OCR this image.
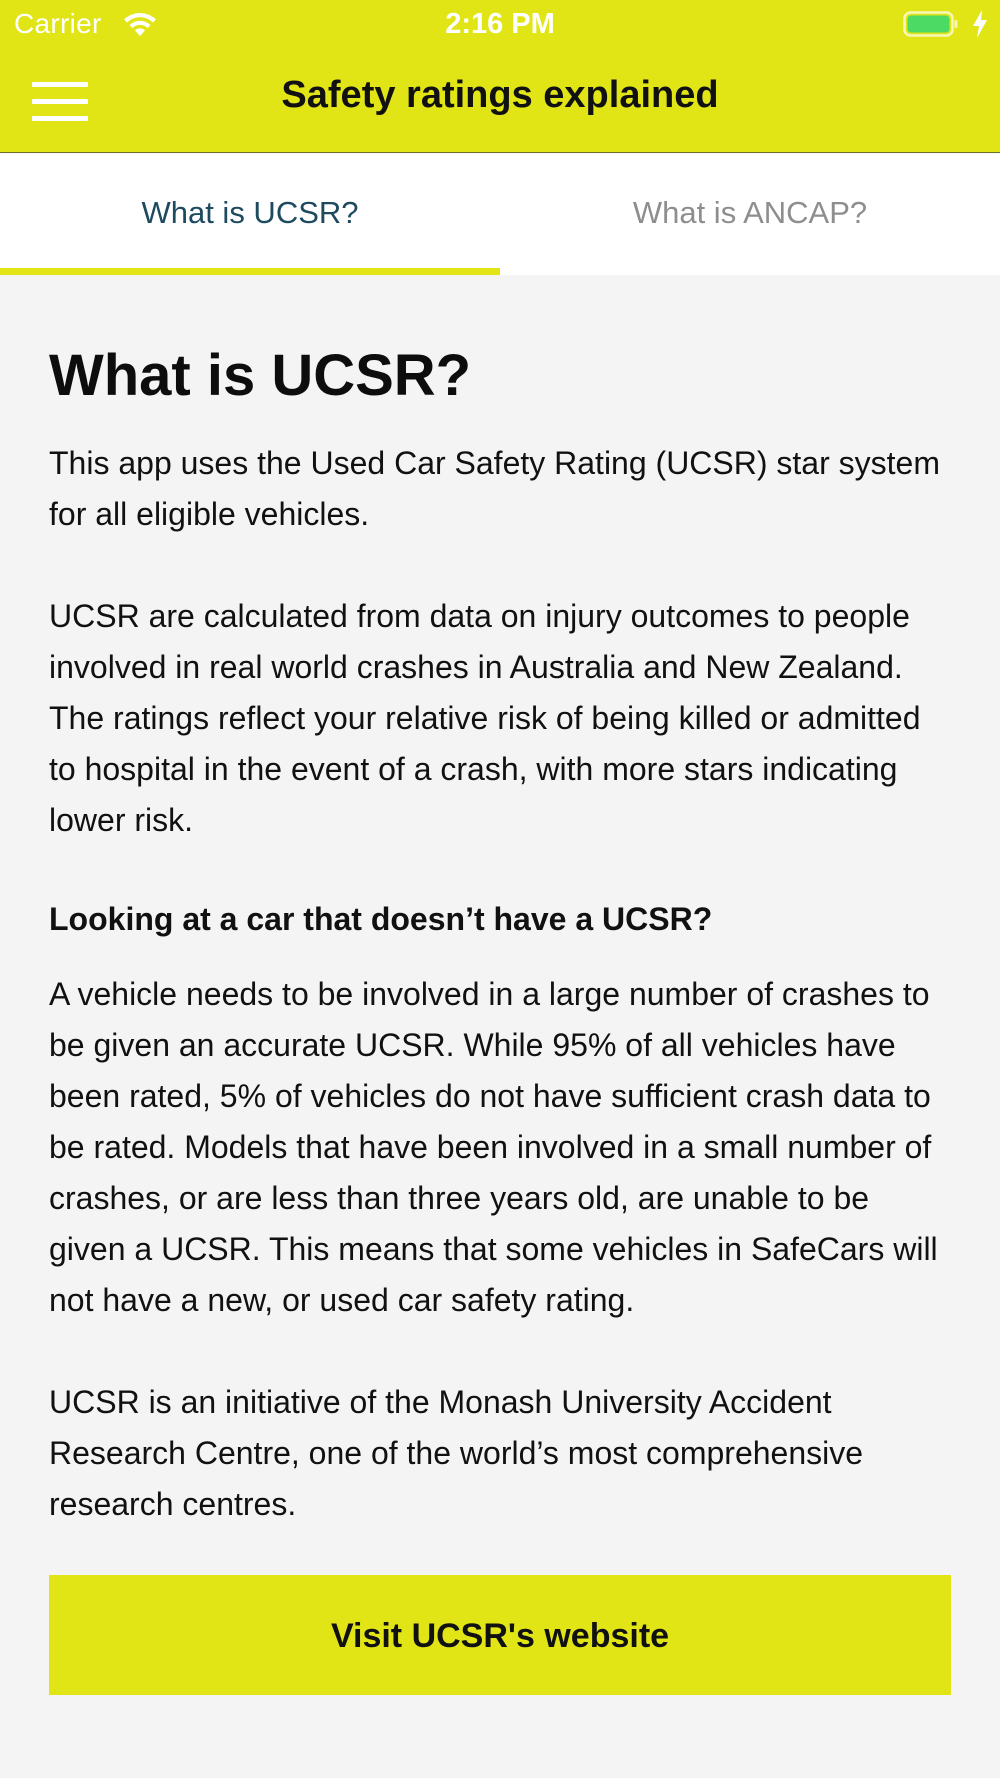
Carrier	2:16 PM
Safety ratings explained
What is UCSR?	What is ANCAP?
What is UCSR?

This app uses the Used Car Safety Rating (UCSR) star system for all eligible vehicles.

UCSR are calculated from data on injury outcomes to people involved in real world crashes in Australia and New Zealand. The ratings reflect your relative risk of being killed or admitted to hospital in the event of a crash, with more stars indicating lower risk.

Looking at a car that doesn’t have a UCSR?

A vehicle needs to be involved in a large number of crashes to be given an accurate UCSR. While 95% of all vehicles have been rated, 5% of vehicles do not have sufficient crash data to be rated. Models that have been involved in a small number of crashes, or are less than three years old, are unable to be given a UCSR. This means that some vehicles in SafeCars will not have a new, or used car safety rating.

UCSR is an initiative of the Monash University Accident Research Centre, one of the world’s most comprehensive research centres.

Visit UCSR's website
